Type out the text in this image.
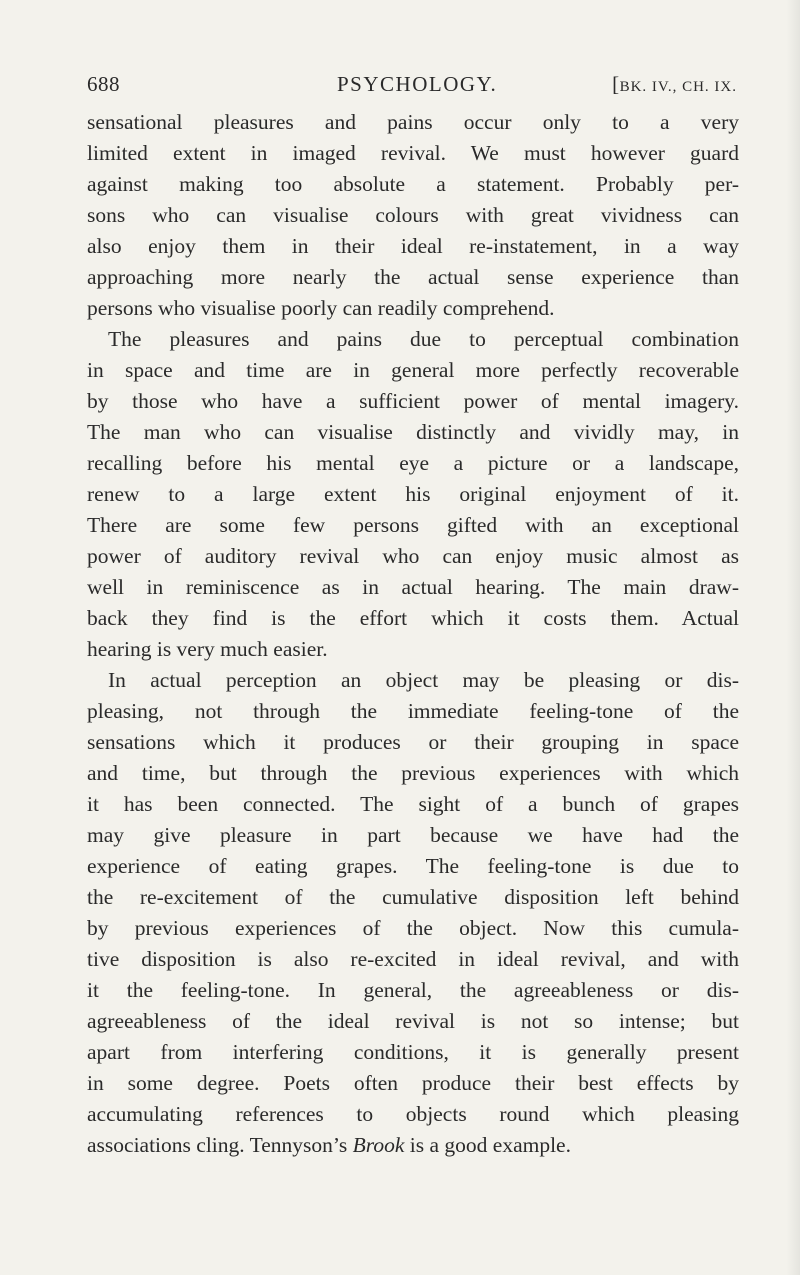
688	PSYCHOLOGY.	[BK. IV., CH. IX.
sensational pleasures and pains occur only to a very
limited extent in imaged revival. We must however guard
against making too absolute a statement. Probably per-
sons who can visualise colours with great vividness can
also enjoy them in their ideal re-instatement, in a way
approaching more nearly the actual sense experience than
persons who visualise poorly can readily comprehend.
The pleasures and pains due to perceptual combination
in space and time are in general more perfectly recoverable
by those who have a sufficient power of mental imagery.
The man who can visualise distinctly and vividly may, in
recalling before his mental eye a picture or a landscape,
renew to a large extent his original enjoyment of it.
There are some few persons gifted with an exceptional
power of auditory revival who can enjoy music almost as
well in reminiscence as in actual hearing. The main draw-
back they find is the effort which it costs them. Actual
hearing is very much easier.
In actual perception an object may be pleasing or dis-
pleasing, not through the immediate feeling-tone of the
sensations which it produces or their grouping in space
and time, but through the previous experiences with which
it has been connected. The sight of a bunch of grapes
may give pleasure in part because we have had the
experience of eating grapes. The feeling-tone is due to
the re-excitement of the cumulative disposition left behind
by previous experiences of the object. Now this cumula-
tive disposition is also re-excited in ideal revival, and with
it the feeling-tone. In general, the agreeableness or dis-
agreeableness of the ideal revival is not so intense; but
apart from interfering conditions, it is generally present
in some degree. Poets often produce their best effects by
accumulating references to objects round which pleasing
associations cling. Tennyson’s Brook is a good example.
